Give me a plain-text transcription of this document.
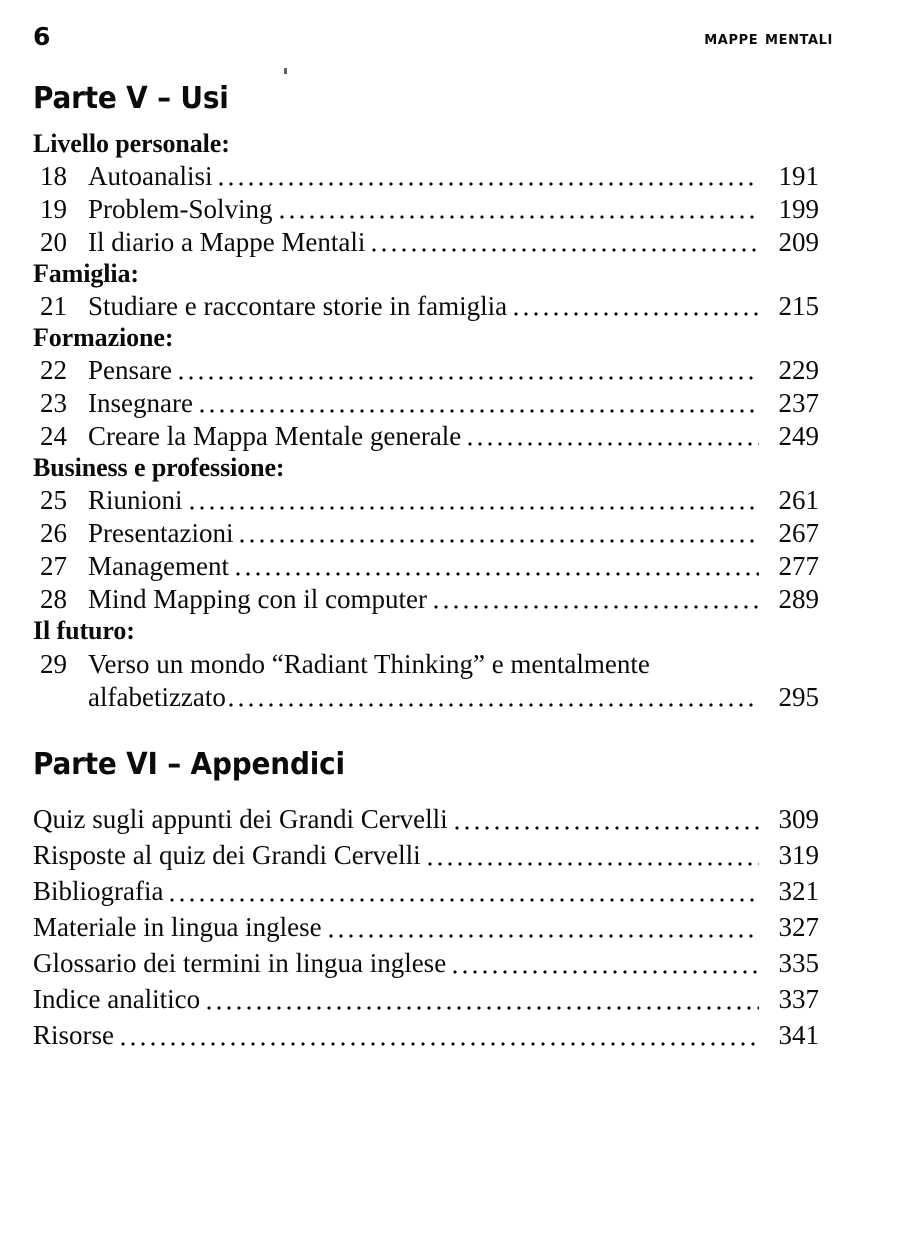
6	mappe mentali
Parte V – Usi
Livello personale:
18 Autoanalisi	191
19 Problem-Solving	199
20 Il diario a Mappe Mentali	209
Famiglia:
21 Studiare e raccontare storie in famiglia	215
Formazione:
22 Pensare	229
23 Insegnare	237
24 Creare la Mappa Mentale generale	249
Business e professione:
25 Riunioni	261
26 Presentazioni	267
27 Management	277
28 Mind Mapping con il computer	289
Il futuro:
29 Verso un mondo “Radiant Thinking” e mentalmente
alfabetizzato	295
Parte VI – Appendici
Quiz sugli appunti dei Grandi Cervelli	309
Risposte al quiz dei Grandi Cervelli	319
Bibliografia	321
Materiale in lingua inglese	327
Glossario dei termini in lingua inglese	335
Indice analitico	337
Risorse	341
